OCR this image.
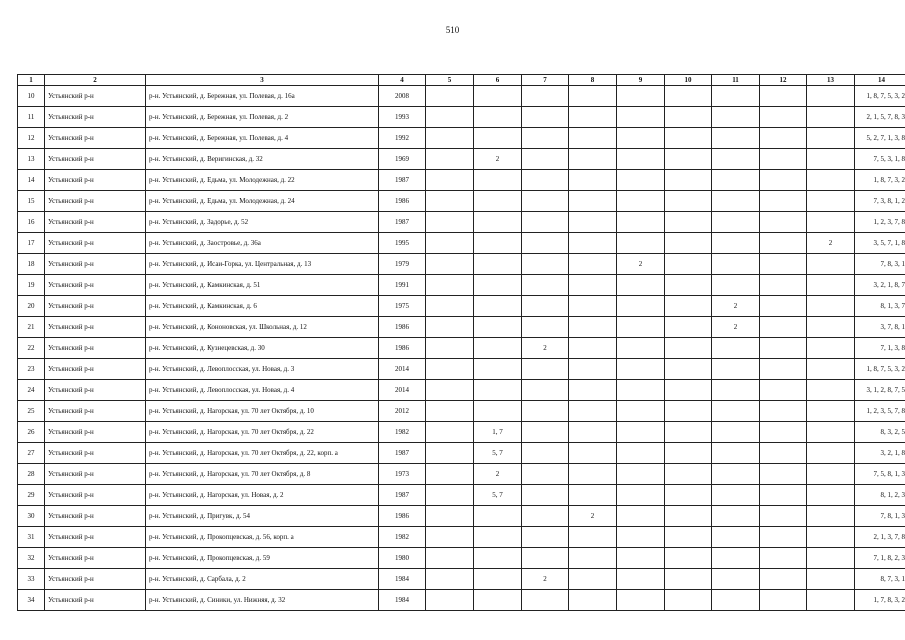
510
1	2	3	4	5	6	7	8	9	10	11	12	13	14
10	Устьянский р-н	р-н. Устьянский, д. Бережная, ул. Полевая, д. 16а	2008										1, 8, 7, 5, 3, 2
11	Устьянский р-н	р-н. Устьянский, д. Бережная, ул. Полевая, д. 2	1993										2, 1, 5, 7, 8, 3
12	Устьянский р-н	р-н. Устьянский, д. Бережная, ул. Полевая, д. 4	1992										5, 2, 7, 1, 3, 8
13	Устьянский р-н	р-н. Устьянский, д. Веригинская, д. 32	1969		2								7, 5, 3, 1, 8
14	Устьянский р-н	р-н. Устьянский, д. Едьма, ул. Молодежная, д. 22	1987										1, 8, 7, 3, 2
15	Устьянский р-н	р-н. Устьянский, д. Едьма, ул. Молодежная, д. 24	1986										7, 3, 8, 1, 2
16	Устьянский р-н	р-н. Устьянский, д. Задорье, д. 52	1987										1, 2, 3, 7, 8
17	Устьянский р-н	р-н. Устьянский, д. Заостровье, д. 36а	1995									2	3, 5, 7, 1, 8
18	Устьянский р-н	р-н. Устьянский, д. Исаи-Горка, ул. Центральная, д. 13	1979					2					7, 8, 3, 1
19	Устьянский р-н	р-н. Устьянский, д. Камкинская, д. 51	1991										3, 2, 1, 8, 7
20	Устьянский р-н	р-н. Устьянский, д. Камкинская, д. 6	1975							2			8, 1, 3, 7
21	Устьянский р-н	р-н. Устьянский, д. Кононовская, ул. Школьная, д. 12	1986							2			3, 7, 8, 1
22	Устьянский р-н	р-н. Устьянский, д. Кузнецевская, д. 30	1986			2							7, 1, 3, 8
23	Устьянский р-н	р-н. Устьянский, д. Левоплосская, ул. Новая, д. 3	2014										1, 8, 7, 5, 3, 2
24	Устьянский р-н	р-н. Устьянский, д. Левоплосская, ул. Новая, д. 4	2014										3, 1, 2, 8, 7, 5
25	Устьянский р-н	р-н. Устьянский, д. Нагорская, ул. 70 лет Октября, д. 10	2012										1, 2, 3, 5, 7, 8
26	Устьянский р-н	р-н. Устьянский, д. Нагорская, ул. 70 лет Октября, д. 22	1982		1, 7								8, 3, 2, 5
27	Устьянский р-н	р-н. Устьянский, д. Нагорская, ул. 70 лет Октября, д. 22, корп. а	1987		5, 7								3, 2, 1, 8
28	Устьянский р-н	р-н. Устьянский, д. Нагорская, ул. 70 лет Октября, д. 8	1973		2								7, 5, 8, 1, 3
29	Устьянский р-н	р-н. Устьянский, д. Нагорская, ул. Новая, д. 2	1987		5, 7								8, 1, 2, 3
30	Устьянский р-н	р-н. Устьянский, д. Пригувк, д. 54	1986				2						7, 8, 1, 3
31	Устьянский р-н	р-н. Устьянский, д. Прокопцевская, д. 56, корп. а	1982										2, 1, 3, 7, 8
32	Устьянский р-н	р-н. Устьянский, д. Прокопцевская, д. 59	1980										7, 1, 8, 2, 3
33	Устьянский р-н	р-н. Устьянский, д. Сарбала, д. 2	1984			2							8, 7, 3, 1
34	Устьянский р-н	р-н. Устьянский, д. Синики, ул. Нижняя, д. 32	1984										1, 7, 8, 3, 2
